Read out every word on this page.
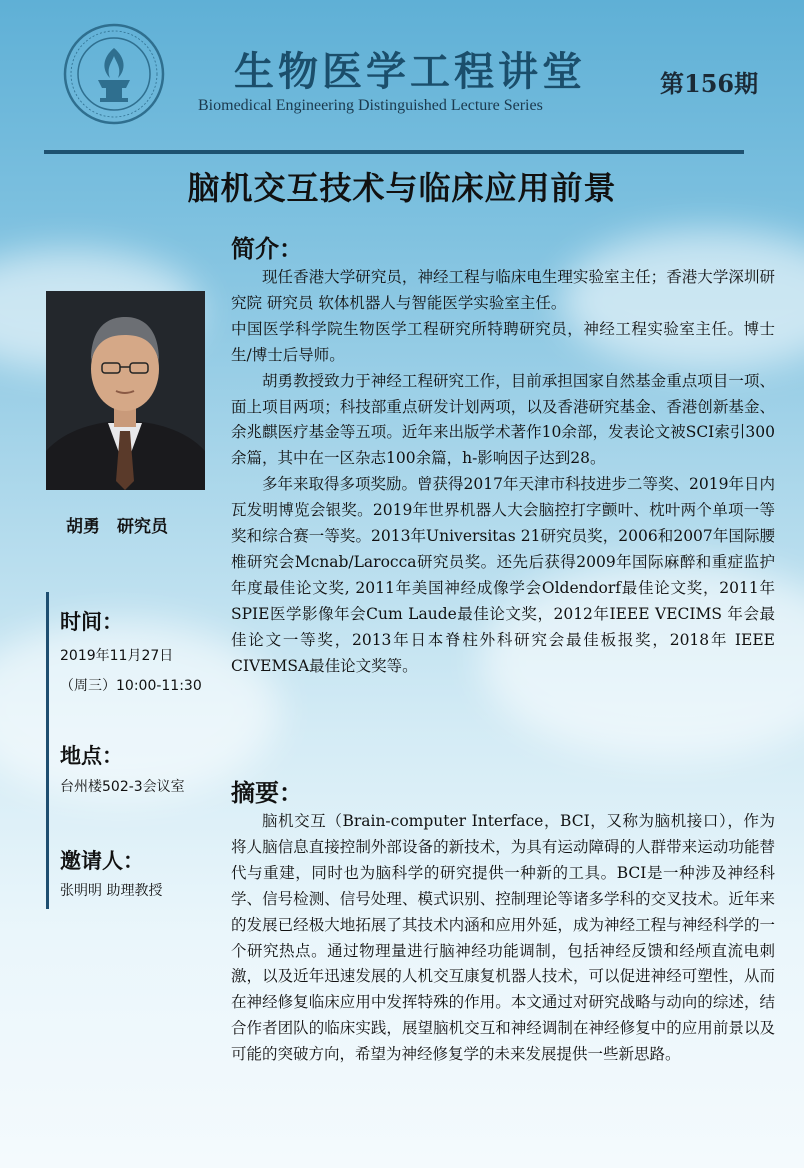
生物医学工程讲堂
Biomedical Engineering Distinguished Lecture Series
第156期
脑机交互技术与临床应用前景
胡勇　研究员
时间：
2019年11月27日
（周三）10:00-11:30
地点：
台州楼502-3会议室
邀请人：
张明明 助理教授
简介：

现任香港大学研究员，神经工程与临床电生理实验室主任；香港大学深圳研究院 研究员 软体机器人与智能医学实验室主任。

中国医学科学院生物医学工程研究所特聘研究员，神经工程实验室主任。博士生/博士后导师。

胡勇教授致力于神经工程研究工作，目前承担国家自然基金重点项目一项、面上项目两项；科技部重点研发计划两项，以及香港研究基金、香港创新基金、余兆麒医疗基金等五项。近年来出版学术著作10余部，发表论文被SCI索引300余篇，其中在一区杂志100余篇，h-影响因子达到28。

多年来取得多项奖励。曾获得2017年天津市科技进步二等奖、2019年日内瓦发明博览会银奖。2019年世界机器人大会脑控打字颤叶、枕叶两个单项一等奖和综合赛一等奖。2013年Universitas 21研究员奖，2006和2007年国际腰椎研究会Mcnab/Larocca研究员奖。还先后获得2009年国际麻醉和重症监护年度最佳论文奖, 2011年美国神经成像学会Oldendorf最佳论文奖，2011年SPIE医学影像年会Cum Laude最佳论文奖，2012年IEEE VECIMS 年会最佳论文一等奖，2013年日本脊柱外科研究会最佳板报奖，2018年 IEEE CIVEMSA最佳论文奖等。

摘要：

脑机交互（Brain-computer Interface，BCI，又称为脑机接口），作为将人脑信息直接控制外部设备的新技术，为具有运动障碍的人群带来运动功能替代与重建，同时也为脑科学的研究提供一种新的工具。BCI是一种涉及神经科学、信号检测、信号处理、模式识别、控制理论等诸多学科的交叉技术。近年来的发展已经极大地拓展了其技术内涵和应用外延，成为神经工程与神经科学的一个研究热点。通过物理量进行脑神经功能调制，包括神经反馈和经颅直流电刺激，以及近年迅速发展的人机交互康复机器人技术，可以促进神经可塑性，从而在神经修复临床应用中发挥特殊的作用。本文通过对研究战略与动向的综述，结合作者团队的临床实践，展望脑机交互和神经调制在神经修复中的应用前景以及可能的突破方向，希望为神经修复学的未来发展提供一些新思路。
